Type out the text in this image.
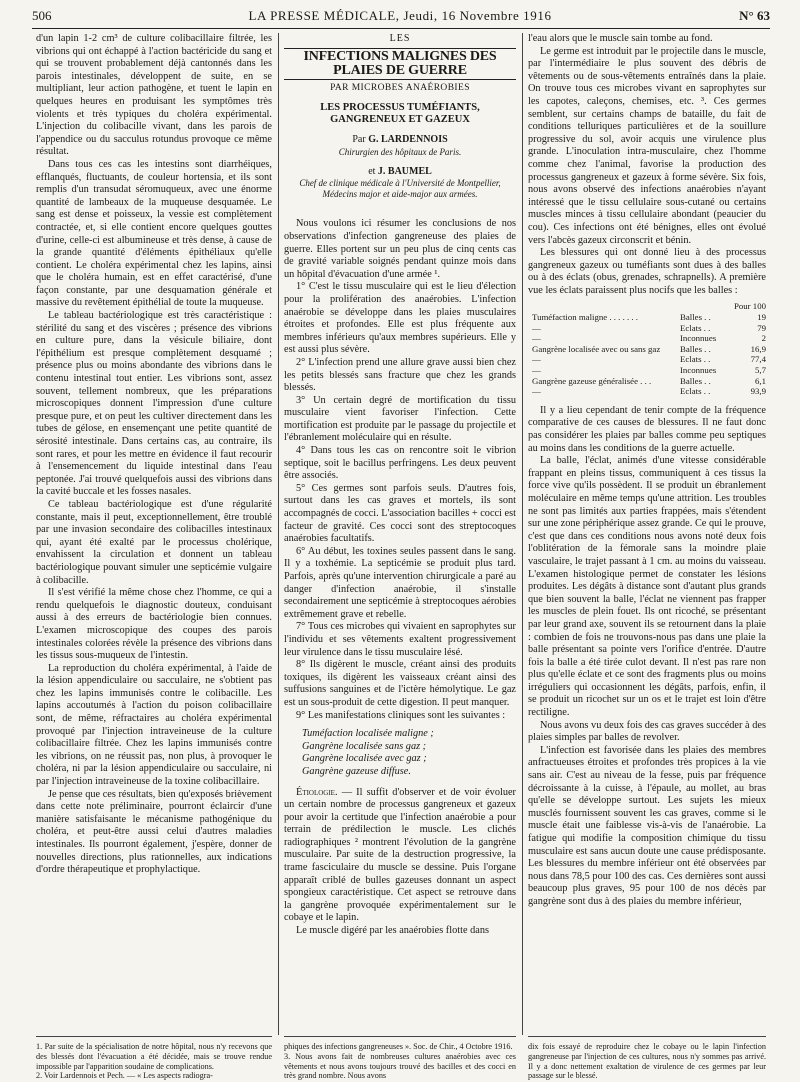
506	LA PRESSE MÉDICALE, Jeudi, 16 Novembre 1916	N° 63

d'un lapin 1-2 cm³ de culture colibacillaire filtrée, les vibrions qui ont échappé à l'action bactéricide du sang et qui se trouvent probablement déjà cantonnés dans les parois intestinales, développent de suite, en se multipliant, leur action pathogène, et tuent le lapin en quelques heures en produisant les symptômes très violents et très typiques du choléra expérimental. L'injection du colibacille vivant, dans les parois de l'appendice ou du sacculus rotundus provoque ce même résultat.

Dans tous ces cas les intestins sont diarrhéiques, efflanqués, fluctuants, de couleur hortensia, et ils sont remplis d'un transudat séromuqueux, avec une énorme quantité de lambeaux de la muqueuse desquamée. Le sang est dense et poisseux, la vessie est complètement contractée, et, si elle contient encore quelques gouttes d'urine, celle-ci est albumineuse et très dense, à cause de la grande quantité d'éléments épithéliaux qu'elle contient. Le choléra expérimental chez les lapins, ainsi que le choléra humain, est en effet caractérisé, d'une façon constante, par une desquamation générale et massive du revêtement épithélial de toute la muqueuse.

Le tableau bactériologique est très caractéristique : stérilité du sang et des viscères ; présence des vibrions en culture pure, dans la vésicule biliaire, dont l'épithélium est presque complètement desquamé ; présence plus ou moins abondante des vibrions dans le contenu intestinal tout entier. Les vibrions sont, assez souvent, tellement nombreux, que les préparations microscopiques donnent l'impression d'une culture presque pure, et on peut les cultiver directement dans les tubes de gélose, en ensemençant une petite quantité de sérosité intestinale. Dans certains cas, au contraire, ils sont rares, et pour les mettre en évidence il faut recourir à l'ensemencement du liquide intestinal dans l'eau peptonée. J'ai trouvé quelquefois aussi des vibrions dans la cavité buccale et les fosses nasales.

Ce tableau bactériologique est d'une régularité constante, mais il peut, exceptionnellement, être troublé par une invasion secondaire des colibacilles intestinaux qui, ayant été exalté par le processus cholérique, envahissent la circulation et donnent un tableau bactériologique pouvant simuler une septicémie vulgaire à colibacille.

Il s'est vérifié la même chose chez l'homme, ce qui a rendu quelquefois le diagnostic douteux, conduisant aussi à des erreurs de bactériologie bien connues. L'examen microscopique des coupes des parois intestinales colorées révèle la présence des vibrions dans les tissus sous-muqueux de l'intestin.

La reproduction du choléra expérimental, à l'aide de la lésion appendiculaire ou sacculaire, ne s'obtient pas chez les lapins immunisés contre le colibacille. Les lapins accoutumés à l'action du poison colibacillaire sont, de même, réfractaires au choléra expérimental provoqué par l'injection intraveineuse de la culture colibacillaire filtrée. Chez les lapins immunisés contre les vibrions, on ne réussit pas, non plus, à provoquer le choléra, ni par la lésion appendiculaire ou sacculaire, ni par l'injection intraveineuse de la toxine colibacillaire.

Je pense que ces résultats, bien qu'exposés brièvement dans cette note préliminaire, pourront éclaircir d'une manière satisfaisante le mécanisme pathogénique du choléra, et peut-être aussi celui d'autres maladies intestinales. Ils pourront également, j'espère, donner de nouvelles directions, plus rationnelles, aux indications d'ordre thérapeutique et prophylactique.

LES
INFECTIONS MALIGNES DES PLAIES DE GUERRE
PAR MICROBES ANAÉROBIES
LES PROCESSUS TUMÉFIANTS, GANGRENEUX ET GAZEUX
Par G. LARDENNOIS
Chirurgien des hôpitaux de Paris.
et J. BAUMEL
Chef de clinique médicale à l'Université de Montpellier, Médecins major et aide-major aux armées.

Nous voulons ici résumer les conclusions de nos observations d'infection gangreneuse des plaies de guerre. Elles portent sur un peu plus de cinq cents cas de gravité variable soignés pendant quinze mois dans un hôpital d'évacuation d'une armée ¹.

1° C'est le tissu musculaire qui est le lieu d'élection pour la prolifération des anaérobies. L'infection anaérobie se développe dans les plaies musculaires étroites et profondes. Elle est plus fréquente aux membres inférieurs qu'aux membres supérieurs. Elle y est aussi plus sévère.

2° L'infection prend une allure grave aussi bien chez les petits blessés sans fracture que chez les grands blessés.

3° Un certain degré de mortification du tissu musculaire vient favoriser l'infection. Cette mortification est produite par le passage du projectile et l'ébranlement moléculaire qui en résulte.

4° Dans tous les cas on rencontre soit le vibrion septique, soit le bacillus perfringens. Les deux peuvent être associés.

5° Ces germes sont parfois seuls. D'autres fois, surtout dans les cas graves et mortels, ils sont accompagnés de cocci. L'association bacilles + cocci est facteur de gravité. Ces cocci sont des streptocoques anaérobies facultatifs.

6° Au début, les toxines seules passent dans le sang. Il y a toxhémie. La septicémie se produit plus tard. Parfois, après qu'une intervention chirurgicale a paré au danger d'infection anaérobie, il s'installe secondairement une septicémie à streptocoques aérobies extrêmement grave et rebelle.

7° Tous ces microbes qui vivaient en saprophytes sur l'individu et ses vêtements exaltent progressivement leur virulence dans le tissu musculaire lésé.

8° Ils digèrent le muscle, créant ainsi des produits toxiques, ils digèrent les vaisseaux créant ainsi des suffusions sanguines et de l'ictère hémolytique. Le gaz est un sous-produit de cette digestion. Il peut manquer.

9° Les manifestations cliniques sont les suivantes :

Tuméfaction localisée maligne ;
Gangrène localisée sans gaz ;
Gangrène localisée avec gaz ;
Gangrène gazeuse diffuse.

Étiologie. — Il suffit d'observer et de voir évoluer un certain nombre de processus gangreneux et gazeux pour avoir la certitude que l'infection anaérobie a pour terrain de prédilection le muscle. Les clichés radiographiques ² montrent l'évolution de la gangrène musculaire. Par suite de la destruction progressive, la trame fasciculaire du muscle se dessine. Puis l'organe apparaît criblé de bulles gazeuses donnant un aspect spongieux caractéristique. Cet aspect se retrouve dans la gangrène provoquée expérimentalement sur le cobaye et le lapin.

Le muscle digéré par les anaérobies flotte dans

l'eau alors que le muscle sain tombe au fond.

Le germe est introduit par le projectile dans le muscle, par l'intermédiaire le plus souvent des débris de vêtements ou de sous-vêtements entraînés dans la plaie. On trouve tous ces microbes vivant en saprophytes sur les capotes, caleçons, chemises, etc. ³. Ces germes semblent, sur certains champs de bataille, du fait de conditions telluriques particulières et de la souillure progressive du sol, avoir acquis une virulence plus grande. L'inoculation intra-musculaire, chez l'homme comme chez l'animal, favorise la production des processus gangreneux et gazeux à forme sévère. Six fois, nous avons observé des infections anaérobies n'ayant intéressé que le tissu cellulaire sous-cutané ou certains muscles minces à tissu cellulaire abondant (peaucier du cou). Ces infections ont été bénignes, elles ont évolué vers l'abcès gazeux circonscrit et bénin.

Les blessures qui ont donné lieu à des processus gangreneux gazeux ou tuméfiants sont dues à des balles ou à des éclats (obus, grenades, schrapnells). A première vue les éclats paraissent plus nocifs que les balles :

Pour 100
Tuméfaction maligne . . . . . . .	Balles . .	19
—	Eclats . .	79
—	Inconnues	2
Gangrène localisée avec ou sans gaz	Balles . .	16,9
—	Eclats . .	77,4
—	Inconnues	5,7
Gangrène gazeuse généralisée . . .	Balles . .	6,1
—	Eclats . .	93,9

Il y a lieu cependant de tenir compte de la fréquence comparative de ces causes de blessures. Il ne faut donc pas considérer les plaies par balles comme peu septiques au moins dans les conditions de la guerre actuelle.

La balle, l'éclat, animés d'une vitesse considérable frappant en pleins tissus, communiquent à ces tissus la force vive qu'ils possèdent. Il se produit un ébranlement moléculaire en même temps qu'une attrition. Les troubles ne sont pas limités aux parties frappées, mais s'étendent sur une zone périphérique assez grande. Ce qui le prouve, c'est que dans ces conditions nous avons noté deux fois l'oblitération de la fémorale sans la moindre plaie vasculaire, le trajet passant à 1 cm. au moins du vaisseau. L'examen histologique permet de constater les lésions produites. Les dégâts à distance sont d'autant plus grands que bien souvent la balle, l'éclat ne viennent pas frapper les muscles de plein fouet. Ils ont ricoché, se présentant par leur grand axe, souvent ils se retournent dans la plaie : combien de fois ne trouvons-nous pas dans une plaie la balle présentant sa pointe vers l'orifice d'entrée. D'autre fois la balle a été tirée culot devant. Il n'est pas rare non plus qu'elle éclate et ce sont des fragments plus ou moins irréguliers qui occasionnent les dégâts, parfois, enfin, il se produit un ricochet sur un os et le trajet est loin d'être rectiligne.

Nous avons vu deux fois des cas graves succéder à des plaies simples par balles de revolver.

L'infection est favorisée dans les plaies des membres anfractueuses étroites et profondes très propices à la vie sans air. C'est au niveau de la fesse, puis par fréquence décroissante à la cuisse, à l'épaule, au mollet, au bras qu'elle se développe surtout. Les sujets les mieux musclés fournissent souvent les cas graves, comme si le muscle était une faiblesse vis-à-vis de l'anaérobie. La fatigue qui modifie la composition chimique du tissu musculaire est sans aucun doute une cause prédisposante. Les blessures du membre inférieur ont été observées par nous dans 78,5 pour 100 des cas. Ces dernières sont aussi beaucoup plus graves, 95 pour 100 de nos décès par gangrène sont dus à des plaies du membre inférieur,

1. Par suite de la spécialisation de notre hôpital, nous n'y recevons que des blessés dont l'évacuation a été décidée, mais se trouve rendue impossible par l'apparition soudaine de complications.
2. Voir Lardennois et Pech. — « Les aspects radiogra-
phiques des infections gangreneuses ». Soc. de Chir., 4 Octobre 1916.
3. Nous avons fait de nombreuses cultures anaérobies avec ces vêtements et nous avons toujours trouvé des bacilles et des cocci en très grand nombre. Nous avons
dix fois essayé de reproduire chez le cobaye ou le lapin l'infection gangreneuse par l'injection de ces cultures, nous n'y sommes pas arrivé. Il y a donc nettement exaltation de virulence de ces germes par leur passage sur le blessé.
